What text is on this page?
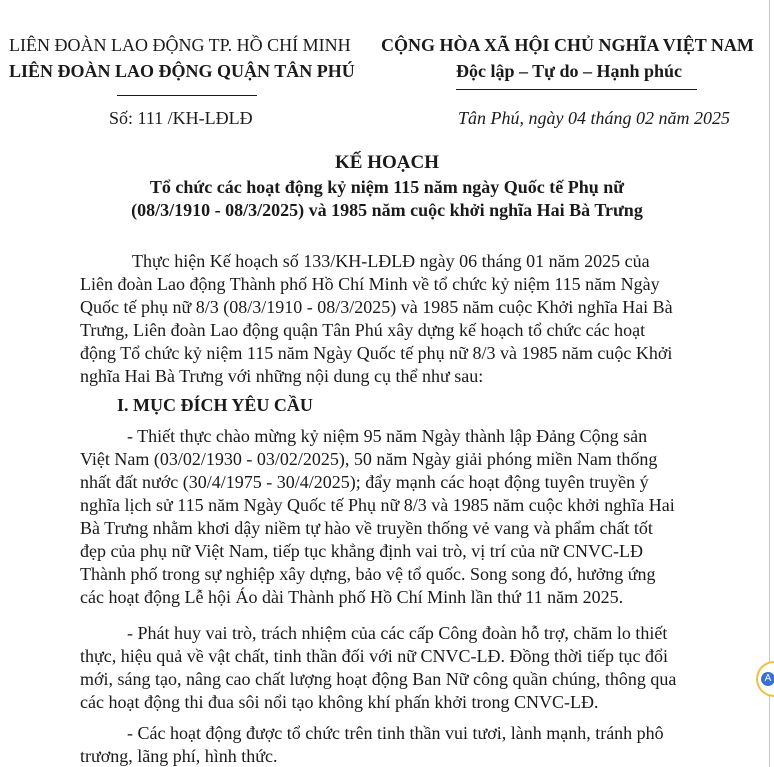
LIÊN ĐOÀN LAO ĐỘNG TP. HỒ CHÍ MINH
LIÊN ĐOÀN LAO ĐỘNG QUẬN TÂN PHÚ
CỘNG HÒA XÃ HỘI CHỦ NGHĨA VIỆT NAM
Độc lập – Tự do – Hạnh phúc
Số: 111 /KH-LĐLĐ	Tân Phú, ngày 04 tháng 02 năm 2025
KẾ HOẠCH
Tổ chức các hoạt động kỷ niệm 115 năm ngày Quốc tế Phụ nữ
(08/3/1910 - 08/3/2025) và 1985 năm cuộc khởi nghĩa Hai Bà Trưng
Thực hiện Kế hoạch số 133/KH-LĐLĐ ngày 06 tháng 01 năm 2025 của
Liên đoàn Lao động Thành phố Hồ Chí Minh về tổ chức kỷ niệm 115 năm Ngày
Quốc tế phụ nữ 8/3 (08/3/1910 - 08/3/2025) và 1985 năm cuộc Khởi nghĩa Hai Bà
Trưng, Liên đoàn Lao động quận Tân Phú xây dựng kế hoạch tổ chức các hoạt
động Tổ chức kỷ niệm 115 năm Ngày Quốc tế phụ nữ 8/3 và 1985 năm cuộc Khởi
nghĩa Hai Bà Trưng với những nội dung cụ thể như sau:
I. MỤC ĐÍCH YÊU CẦU
- Thiết thực chào mừng kỷ niệm 95 năm Ngày thành lập Đảng Cộng sản
Việt Nam (03/02/1930 - 03/02/2025), 50 năm Ngày giải phóng miền Nam thống
nhất đất nước (30/4/1975 - 30/4/2025); đẩy mạnh các hoạt động tuyên truyền ý
nghĩa lịch sử 115 năm Ngày Quốc tế Phụ nữ 8/3 và 1985 năm cuộc khởi nghĩa Hai
Bà Trưng nhằm khơi dậy niềm tự hào về truyền thống vẻ vang và phẩm chất tốt
đẹp của phụ nữ Việt Nam, tiếp tục khẳng định vai trò, vị trí của nữ CNVC-LĐ
Thành phố trong sự nghiệp xây dựng, bảo vệ tổ quốc. Song song đó, hưởng ứng
các hoạt động Lễ hội Áo dài Thành phố Hồ Chí Minh lần thứ 11 năm 2025.
- Phát huy vai trò, trách nhiệm của các cấp Công đoàn hỗ trợ, chăm lo thiết
thực, hiệu quả về vật chất, tinh thần đối với nữ CNVC-LĐ. Đồng thời tiếp tục đổi
mới, sáng tạo, nâng cao chất lượng hoạt động Ban Nữ công quần chúng, thông qua
các hoạt động thi đua sôi nổi tạo không khí phấn khởi trong CNVC-LĐ.
- Các hoạt động được tổ chức trên tinh thần vui tươi, lành mạnh, tránh phô
trương, lãng phí, hình thức.
A
